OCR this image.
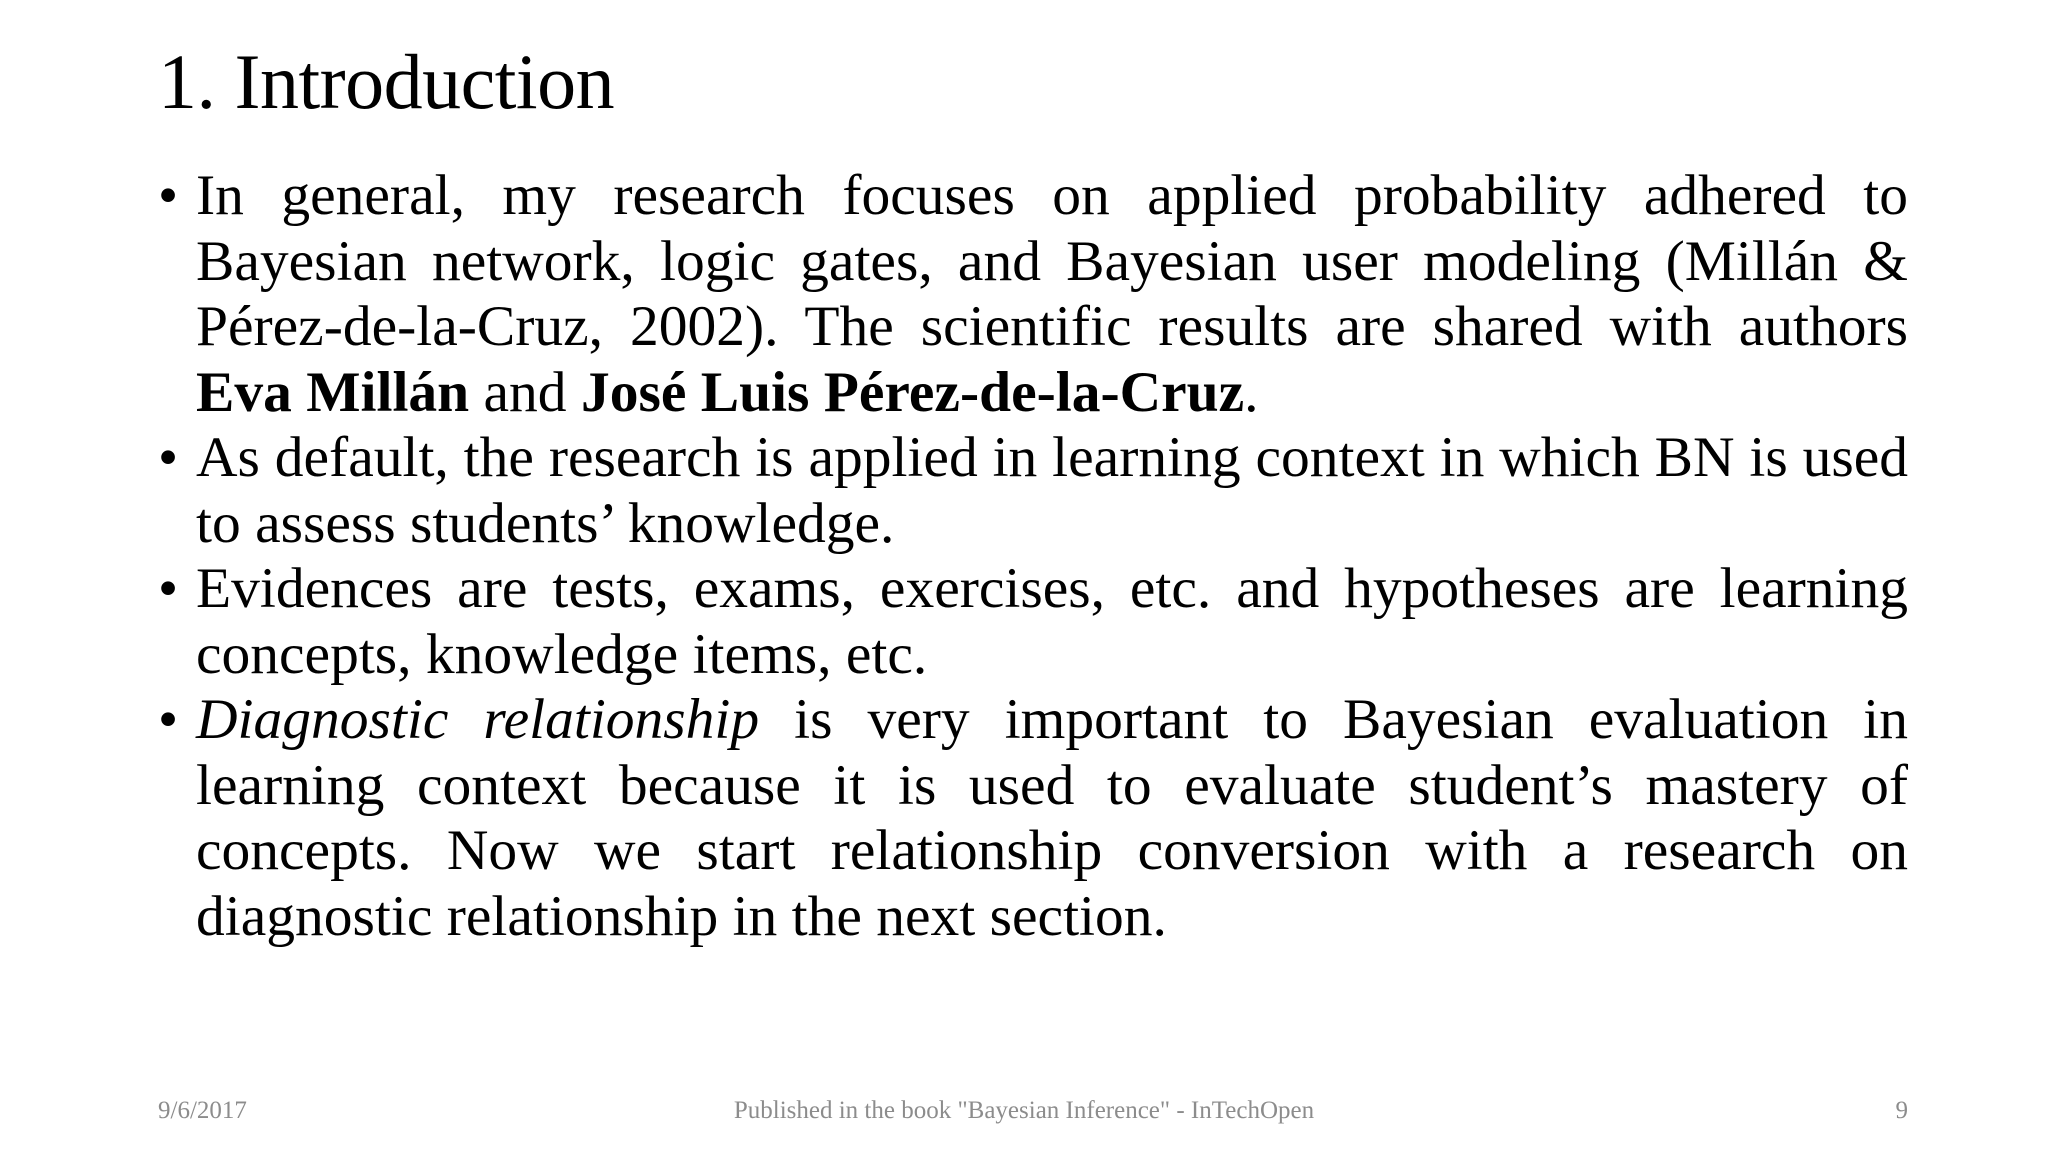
1. Introduction
• In general, my research focuses on applied probability adhered to Bayesian network, logic gates, and Bayesian user modeling (Millán & Pérez-de-la-Cruz, 2002). The scientific results are shared with authors Eva Millán and José Luis Pérez-de-la-Cruz.
• As default, the research is applied in learning context in which BN is used to assess students’ knowledge.
• Evidences are tests, exams, exercises, etc. and hypotheses are learning concepts, knowledge items, etc.
• Diagnostic relationship is very important to Bayesian evaluation in learning context because it is used to evaluate student’s mastery of concepts. Now we start relationship conversion with a research on diagnostic relationship in the next section.
9/6/2017	Published in the book "Bayesian Inference" - InTechOpen	9
